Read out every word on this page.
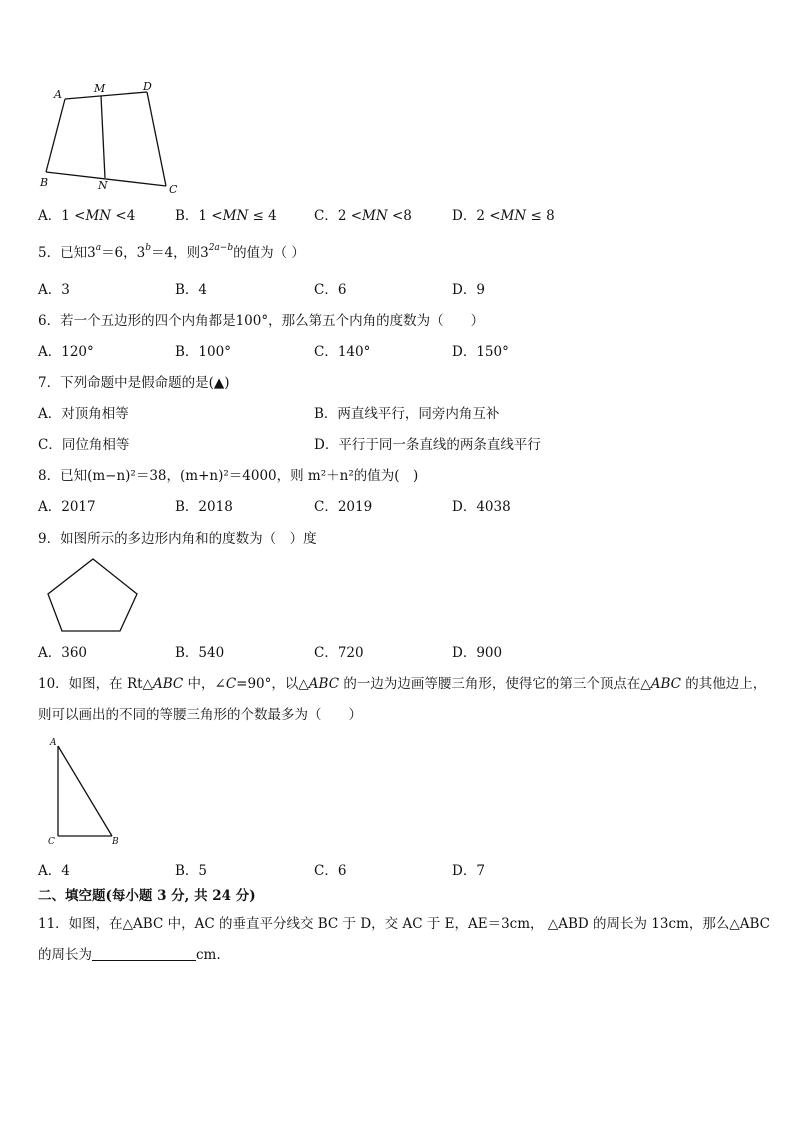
A	M	D
B	N	C
A．1 <MN <4	B．1 <MN ≤ 4	C．2 <MN <8	D．2 <MN ≤ 8
5．已知$3^a=6$，$3^b=4$，则$3^{2a-b}$的值为（ ）
A．3	B．4	C．6	D．9
6．若一个五边形的四个内角都是100°，那么第五个内角的度数为（　　）
A．120°	B．100°	C．140°	D．150°
7．下列命题中是假命题的是(▲)
A．对顶角相等	B．两直线平行，同旁内角互补
C．同位角相等	D．平行于同一条直线的两条直线平行
8．已知(m−n)²＝38，(m+n)²＝4000，则 m²＋n²的值为(　)
A．2017	B．2018	C．2019	D．4038
9．如图所示的多边形内角和的度数为（　）度
A．360	B．540	C．720	D．900
10．如图，在 Rt△ABC 中，∠C=90°，以△ABC 的一边为边画等腰三角形，使得它的第三个顶点在△ABC 的其他边上，
则可以画出的不同的等腰三角形的个数最多为（　　）
A
C	B
A．4	B．5	C．6	D．7
二、填空题(每小题 3 分, 共 24 分)
11．如图，在△ABC 中，AC 的垂直平分线交 BC 于 D，交 AC 于 E，AE＝3cm， △ABD 的周长为 13cm，那么△ABC
的周长为	cm.
